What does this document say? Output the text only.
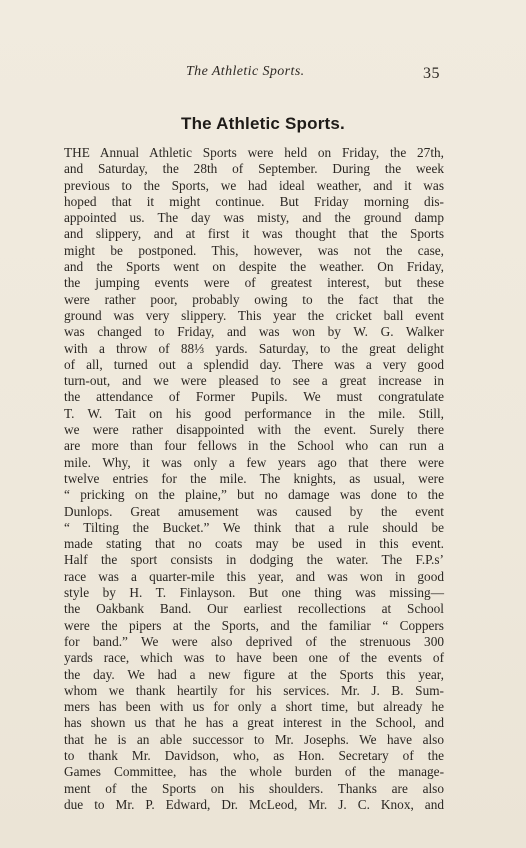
The Athletic Sports.	35
The Athletic Sports.
THE Annual Athletic Sports were held on Friday, the 27th,
and Saturday, the 28th of September. During the week
previous to the Sports, we had ideal weather, and it was
hoped that it might continue. But Friday morning dis-
appointed us. The day was misty, and the ground damp
and slippery, and at first it was thought that the Sports
might be postponed. This, however, was not the case,
and the Sports went on despite the weather. On Friday,
the jumping events were of greatest interest, but these
were rather poor, probably owing to the fact that the
ground was very slippery. This year the cricket ball event
was changed to Friday, and was won by W. G. Walker
with a throw of 88⅓ yards. Saturday, to the great delight
of all, turned out a splendid day. There was a very good
turn-out, and we were pleased to see a great increase in
the attendance of Former Pupils. We must congratulate
T. W. Tait on his good performance in the mile. Still,
we were rather disappointed with the event. Surely there
are more than four fellows in the School who can run a
mile. Why, it was only a few years ago that there were
twelve entries for the mile. The knights, as usual, were
“ pricking on the plaine,” but no damage was done to the
Dunlops. Great amusement was caused by the event
“ Tilting the Bucket.” We think that a rule should be
made stating that no coats may be used in this event.
Half the sport consists in dodging the water. The F.P.s’
race was a quarter-mile this year, and was won in good
style by H. T. Finlayson. But one thing was missing—
the Oakbank Band. Our earliest recollections at School
were the pipers at the Sports, and the familiar “ Coppers
for band.” We were also deprived of the strenuous 300
yards race, which was to have been one of the events of
the day. We had a new figure at the Sports this year,
whom we thank heartily for his services. Mr. J. B. Sum-
mers has been with us for only a short time, but already he
has shown us that he has a great interest in the School, and
that he is an able successor to Mr. Josephs. We have also
to thank Mr. Davidson, who, as Hon. Secretary of the
Games Committee, has the whole burden of the manage-
ment of the Sports on his shoulders. Thanks are also
due to Mr. P. Edward, Dr. McLeod, Mr. J. C. Knox, and
